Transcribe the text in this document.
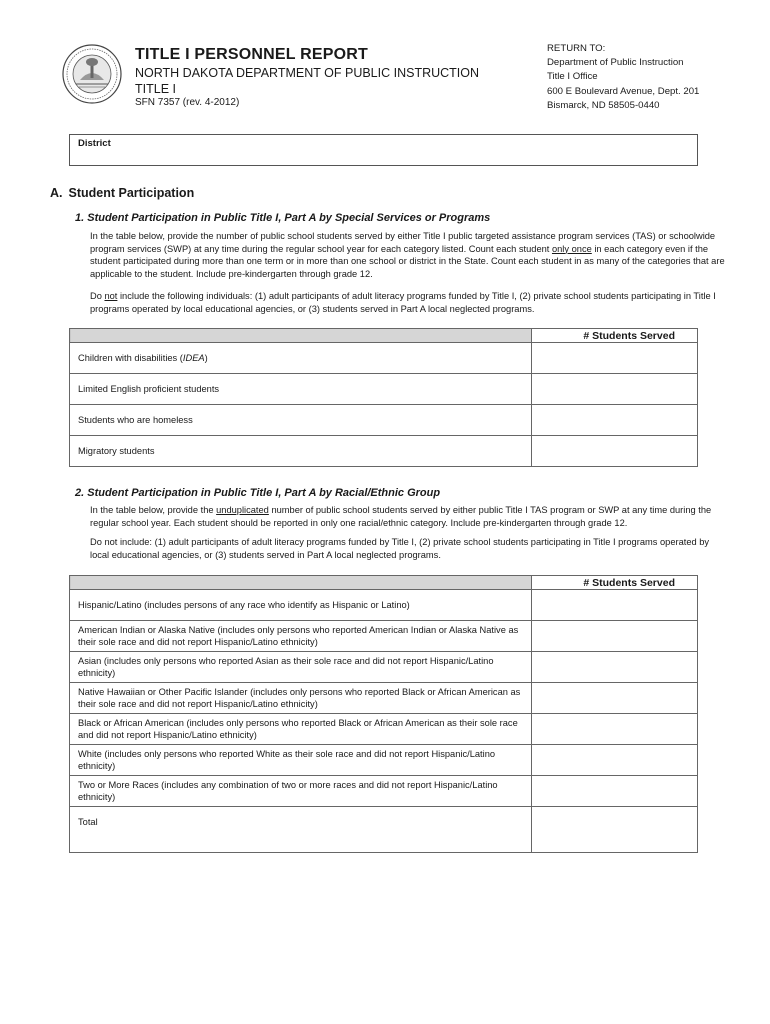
TITLE I PERSONNEL REPORT
NORTH DAKOTA DEPARTMENT OF PUBLIC INSTRUCTION
TITLE I
SFN 7357 (rev. 4-2012)
RETURN TO:
Department of Public Instruction
Title I Office
600 E Boulevard Avenue, Dept. 201
Bismarck, ND 58505-0440
District
A. Student Participation
1. Student Participation in Public Title I, Part A by Special Services or Programs
In the table below, provide the number of public school students served by either Title I public targeted assistance program services (TAS) or schoolwide program services (SWP) at any time during the regular school year for each category listed. Count each student only once in each category even if the student participated during more than one term or in more than one school or district in the State. Count each student in as many of the categories that are applicable to the student. Include pre-kindergarten through grade 12.
Do not include the following individuals: (1) adult participants of adult literacy programs funded by Title I, (2) private school students participating in Title I programs operated by local educational agencies, or (3) students served in Part A local neglected programs.
	# Students Served
Children with disabilities (IDEA)	
Limited English proficient students	
Students who are homeless	
Migratory students	
2. Student Participation in Public Title I, Part A by Racial/Ethnic Group
In the table below, provide the unduplicated number of public school students served by either public Title I TAS program or SWP at any time during the regular school year. Each student should be reported in only one racial/ethnic category. Include pre-kindergarten through grade 12.
Do not include: (1) adult participants of adult literacy programs funded by Title I, (2) private school students participating in Title I programs operated by local educational agencies, or (3) students served in Part A local neglected programs.
	# Students Served
Hispanic/Latino (includes persons of any race who identify as Hispanic or Latino)	
American Indian or Alaska Native (includes only persons who reported American Indian or Alaska Native as their sole race and did not report Hispanic/Latino ethnicity)	
Asian (includes only persons who reported Asian as their sole race and did not report Hispanic/Latino ethnicity)	
Native Hawaiian or Other Pacific Islander (includes only persons who reported Black or African American as their sole race and did not report Hispanic/Latino ethnicity)	
Black or African American (includes only persons who reported Black or African American as their sole race and did not report Hispanic/Latino ethnicity)	
White (includes only persons who reported White as their sole race and did not report Hispanic/Latino ethnicity)	
Two or More Races (includes any combination of two or more races and did not report Hispanic/Latino ethnicity)	
Total	
